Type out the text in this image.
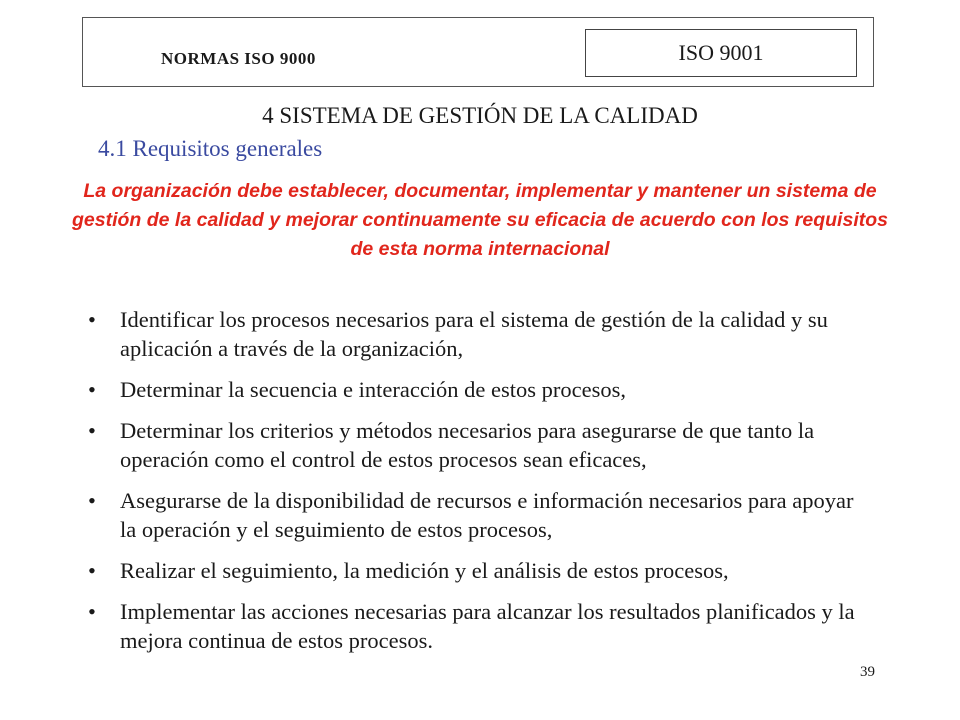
NORMAS ISO 9000	ISO 9001
4 SISTEMA DE GESTIÓN DE LA CALIDAD
4.1 Requisitos generales
La organización debe establecer, documentar, implementar y mantener un sistema de gestión de la calidad y mejorar continuamente su eficacia de acuerdo con los requisitos de esta norma internacional
•	Identificar los procesos necesarios para el sistema de gestión de la calidad y su aplicación a través de la organización,
•	Determinar la secuencia e interacción de estos procesos,
•	Determinar los criterios y métodos necesarios para asegurarse de que tanto la operación como el control de estos procesos sean eficaces,
•	Asegurarse de la disponibilidad de recursos e información necesarios para apoyar la operación y el seguimiento de estos procesos,
•	Realizar el seguimiento, la medición y el análisis de estos procesos,
•	Implementar las acciones necesarias para alcanzar los resultados planificados y la mejora continua de estos procesos.
39
